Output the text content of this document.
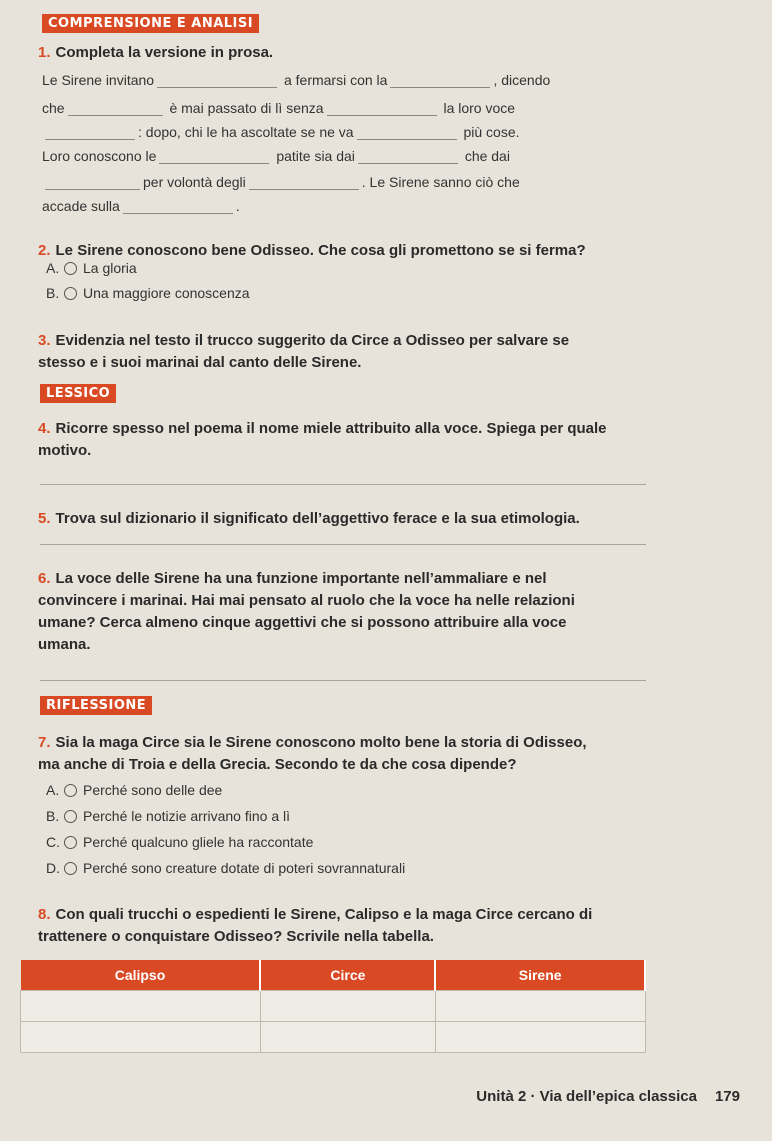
COMPRENSIONE E ANALISI
1. Completa la versione in prosa.
Le Sirene invitano	a fermarsi con la	, dicendo
che	è mai passato di lì senza	la loro voce
: dopo, chi le ha ascoltate se ne va	più cose.
Loro conoscono le	patite sia dai	che dai
per volontà degli	. Le Sirene sanno ciò che
accade sulla	.
2. Le Sirene conoscono bene Odisseo. Che cosa gli promettono se si ferma?
A.	La gloria
B.	Una maggiore conoscenza
3. Evidenzia nel testo il trucco suggerito da Circe a Odisseo per salvare se
stesso e i suoi marinai dal canto delle Sirene.
LESSICO
4. Ricorre spesso nel poema il nome miele attribuito alla voce. Spiega per quale
motivo.
5. Trova sul dizionario il significato dell’aggettivo ferace e la sua etimologia.
6. La voce delle Sirene ha una funzione importante nell’ammaliare e nel
convincere i marinai. Hai mai pensato al ruolo che la voce ha nelle relazioni
umane? Cerca almeno cinque aggettivi che si possono attribuire alla voce
umana.
RIFLESSIONE
7. Sia la maga Circe sia le Sirene conoscono molto bene la storia di Odisseo,
ma anche di Troia e della Grecia. Secondo te da che cosa dipende?
A.	Perché sono delle dee
B.	Perché le notizie arrivano fino a lì
C. Perché qualcuno gliele ha raccontate
D. Perché sono creature dotate di poteri sovrannaturali
8. Con quali trucchi o espedienti le Sirene, Calipso e la maga Circe cercano di
trattenere o conquistare Odisseo? Scrivile nella tabella.
Calipso	Circe	Sirene

Unità 2 · Via dell’epica classica 179
